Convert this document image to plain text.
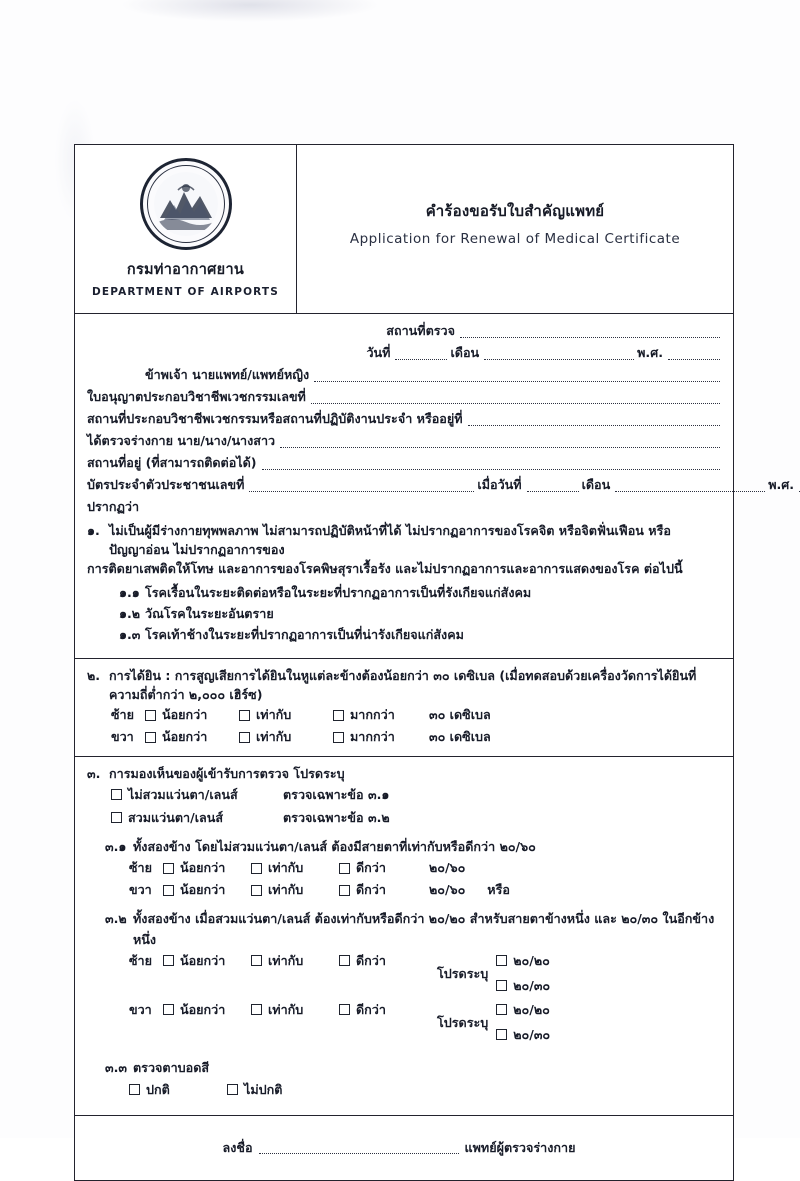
กรมท่าอากาศยาน
DEPARTMENT OF AIRPORTS
คำร้องขอรับใบสำคัญแพทย์
Application for Renewal of Medical Certificate
สถานที่ตรวจ
วันที่	เดือน	พ.ศ.
ข้าพเจ้า นายแพทย์/แพทย์หญิง
ใบอนุญาตประกอบวิชาชีพเวชกรรมเลขที่
สถานที่ประกอบวิชาชีพเวชกรรมหรือสถานที่ปฏิบัติงานประจำ หรืออยู่ที่
ได้ตรวจร่างกาย นาย/นาง/นางสาว
สถานที่อยู่ (ที่สามารถติดต่อได้)
บัตรประจำตัวประชาชนเลขที่	เมื่อวันที่	เดือน	พ.ศ.
ปรากฏว่า
๑. ไม่เป็นผู้มีร่างกายทุพพลภาพ ไม่สามารถปฏิบัติหน้าที่ได้ ไม่ปรากฏอาการของโรคจิต หรือจิตฟั่นเฟือน หรือปัญญาอ่อน ไม่ปรากฏอาการของ
การติดยาเสพติดให้โทษ และอาการของโรคพิษสุราเรื้อรัง และไม่ปรากฏอาการและอาการแสดงของโรค ต่อไปนี้
๑.๑ โรคเรื้อนในระยะติดต่อหรือในระยะที่ปรากฏอาการเป็นที่รังเกียจแก่สังคม
๑.๒ วัณโรคในระยะอันตราย
๑.๓ โรคเท้าช้างในระยะที่ปรากฏอาการเป็นที่น่ารังเกียจแก่สังคม
๒. การได้ยิน : การสูญเสียการได้ยินในหูแต่ละข้างต้องน้อยกว่า ๓๐ เดซิเบล (เมื่อทดสอบด้วยเครื่องวัดการได้ยินที่ความถี่ต่ำกว่า ๒,๐๐๐ เฮิร์ซ)
ซ้าย	น้อยกว่า	เท่ากับ	มากกว่า	๓๐ เดซิเบล
ขวา	น้อยกว่า	เท่ากับ	มากกว่า	๓๐ เดซิเบล
๓. การมองเห็นของผู้เข้ารับการตรวจ โปรดระบุ
ไม่สวมแว่นตา/เลนส์	ตรวจเฉพาะข้อ ๓.๑
สวมแว่นตา/เลนส์	ตรวจเฉพาะข้อ ๓.๒
๓.๑ ทั้งสองข้าง โดยไม่สวมแว่นตา/เลนส์ ต้องมีสายตาที่เท่ากับหรือดีกว่า ๒๐/๖๐
ซ้าย	น้อยกว่า	เท่ากับ	ดีกว่า	๒๐/๖๐
ขวา	น้อยกว่า	เท่ากับ	ดีกว่า	๒๐/๖๐ หรือ
๓.๒ ทั้งสองข้าง เมื่อสวมแว่นตา/เลนส์ ต้องเท่ากับหรือดีกว่า ๒๐/๒๐ สำหรับสายตาข้างหนึ่ง และ ๒๐/๓๐ ในอีกข้างหนึ่ง
ซ้าย	น้อยกว่า	เท่ากับ	ดีกว่า
โปรดระบุ
๒๐/๒๐
๒๐/๓๐
ขวา	น้อยกว่า	เท่ากับ	ดีกว่า
โปรดระบุ
๒๐/๒๐
๒๐/๓๐
๓.๓ ตรวจตาบอดสี
ปกติ	ไม่ปกติ
ลงชื่อ	แพทย์ผู้ตรวจร่างกาย
